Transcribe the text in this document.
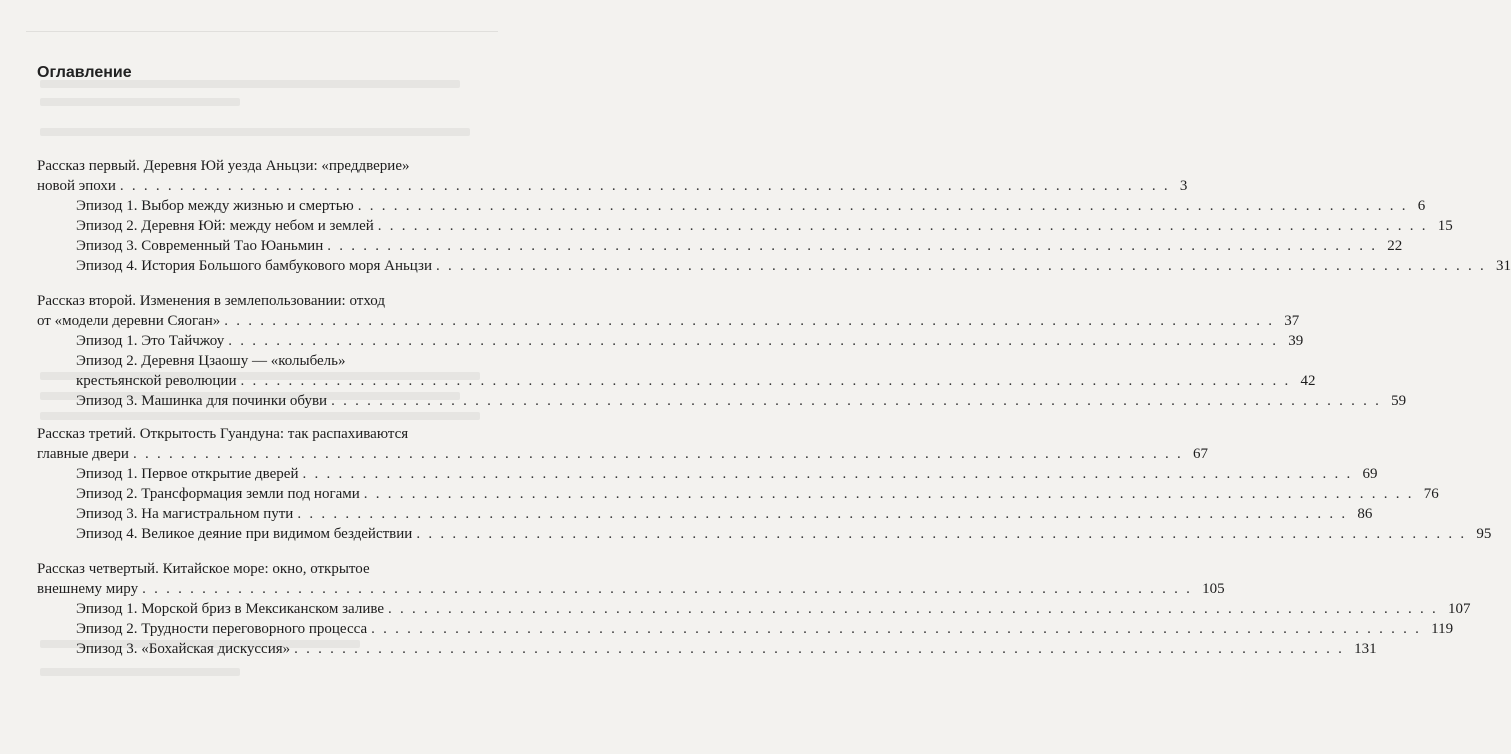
Оглавление
Рассказ первый. Деревня Юй уезда Аньцзи: «преддверие»
новой эпохи ........................................................................................ 3
Эпизод 1. Выбор между жизнью и смертью ........................................................................................ 6
Эпизод 2. Деревня Юй: между небом и землей ........................................................................................ 15
Эпизод 3. Современный Тао Юаньмин ........................................................................................ 22
Эпизод 4. История Большого бамбукового моря Аньцзи ........................................................................................ 31
Рассказ второй. Изменения в землепользовании: отход
от «модели деревни Сяоган» ........................................................................................ 37
Эпизод 1. Это Тайчжоу ........................................................................................ 39
Эпизод 2. Деревня Цзаошу — «колыбель»
крестьянской революции ........................................................................................ 42
Эпизод 3. Машинка для починки обуви ........................................................................................ 59
Рассказ третий. Открытость Гуандуна: так распахиваются
главные двери ........................................................................................ 67
Эпизод 1. Первое открытие дверей ........................................................................................ 69
Эпизод 2. Трансформация земли под ногами ........................................................................................ 76
Эпизод 3. На магистральном пути ........................................................................................ 86
Эпизод 4. Великое деяние при видимом бездействии ........................................................................................ 95
Рассказ четвертый. Китайское море: окно, открытое
внешнему миру ........................................................................................ 105
Эпизод 1. Морской бриз в Мексиканском заливе ........................................................................................ 107
Эпизод 2. Трудности переговорного процесса ........................................................................................ 119
Эпизод 3. «Бохайская дискуссия» ........................................................................................ 131
